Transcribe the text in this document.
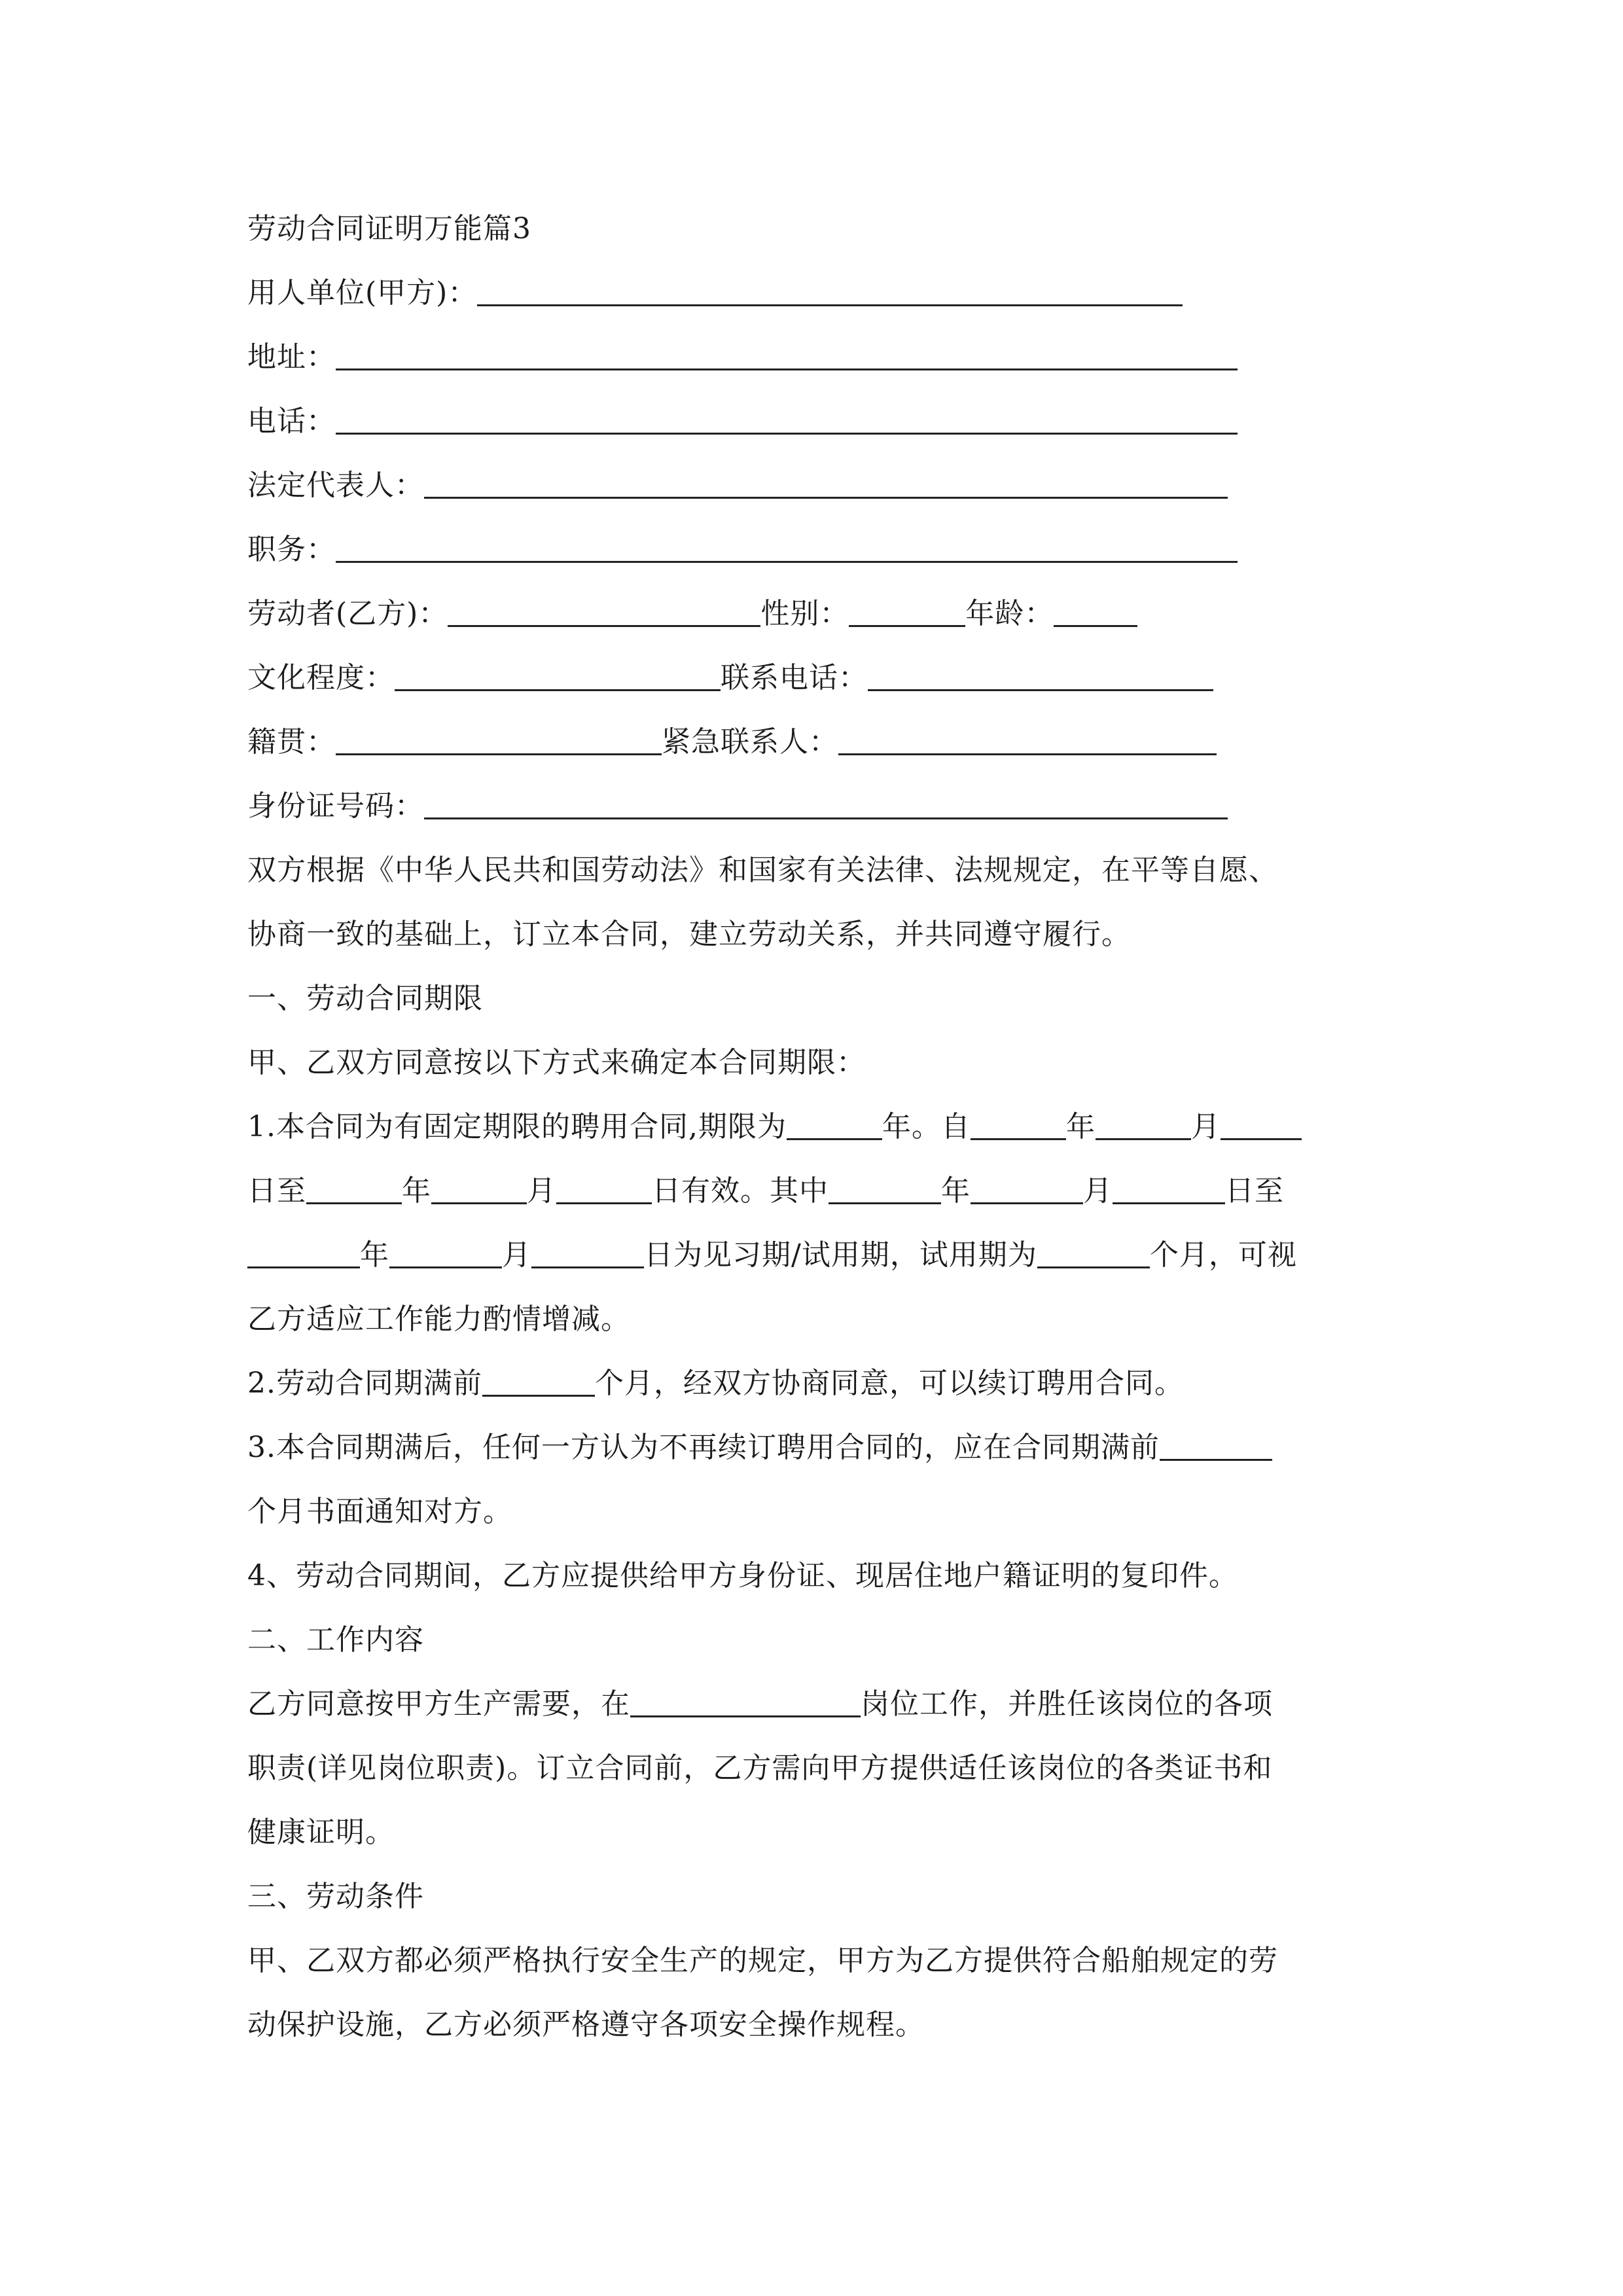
劳动合同证明万能篇3
用人单位(甲方)：
地址：
电话：
法定代表人：
职务：
劳动者(乙方)：	性别：	年龄：
文化程度：	联系电话：
籍贯：	紧急联系人：
身份证号码：
双方根据《中华人民共和国劳动法》和国家有关法律、法规规定，在平等自愿、
协商一致的基础上，订立本合同，建立劳动关系，并共同遵守履行。
一、劳动合同期限
甲、乙双方同意按以下方式来确定本合同期限：
1.本合同为有固定期限的聘用合同,期限为	年。自	年	月
日至	年	月	日有效。其中	年	月	日至
年	月	日为见习期/试用期，试用期为	个月，可视
乙方适应工作能力酌情增减。
2.劳动合同期满前	个月，经双方协商同意，可以续订聘用合同。
3.本合同期满后，任何一方认为不再续订聘用合同的，应在合同期满前
个月书面通知对方。
4、劳动合同期间，乙方应提供给甲方身份证、现居住地户籍证明的复印件。
二、工作内容
乙方同意按甲方生产需要，在	岗位工作，并胜任该岗位的各项
职责(详见岗位职责)。订立合同前，乙方需向甲方提供适任该岗位的各类证书和
健康证明。
三、劳动条件
甲、乙双方都必须严格执行安全生产的规定，甲方为乙方提供符合船舶规定的劳
动保护设施，乙方必须严格遵守各项安全操作规程。
